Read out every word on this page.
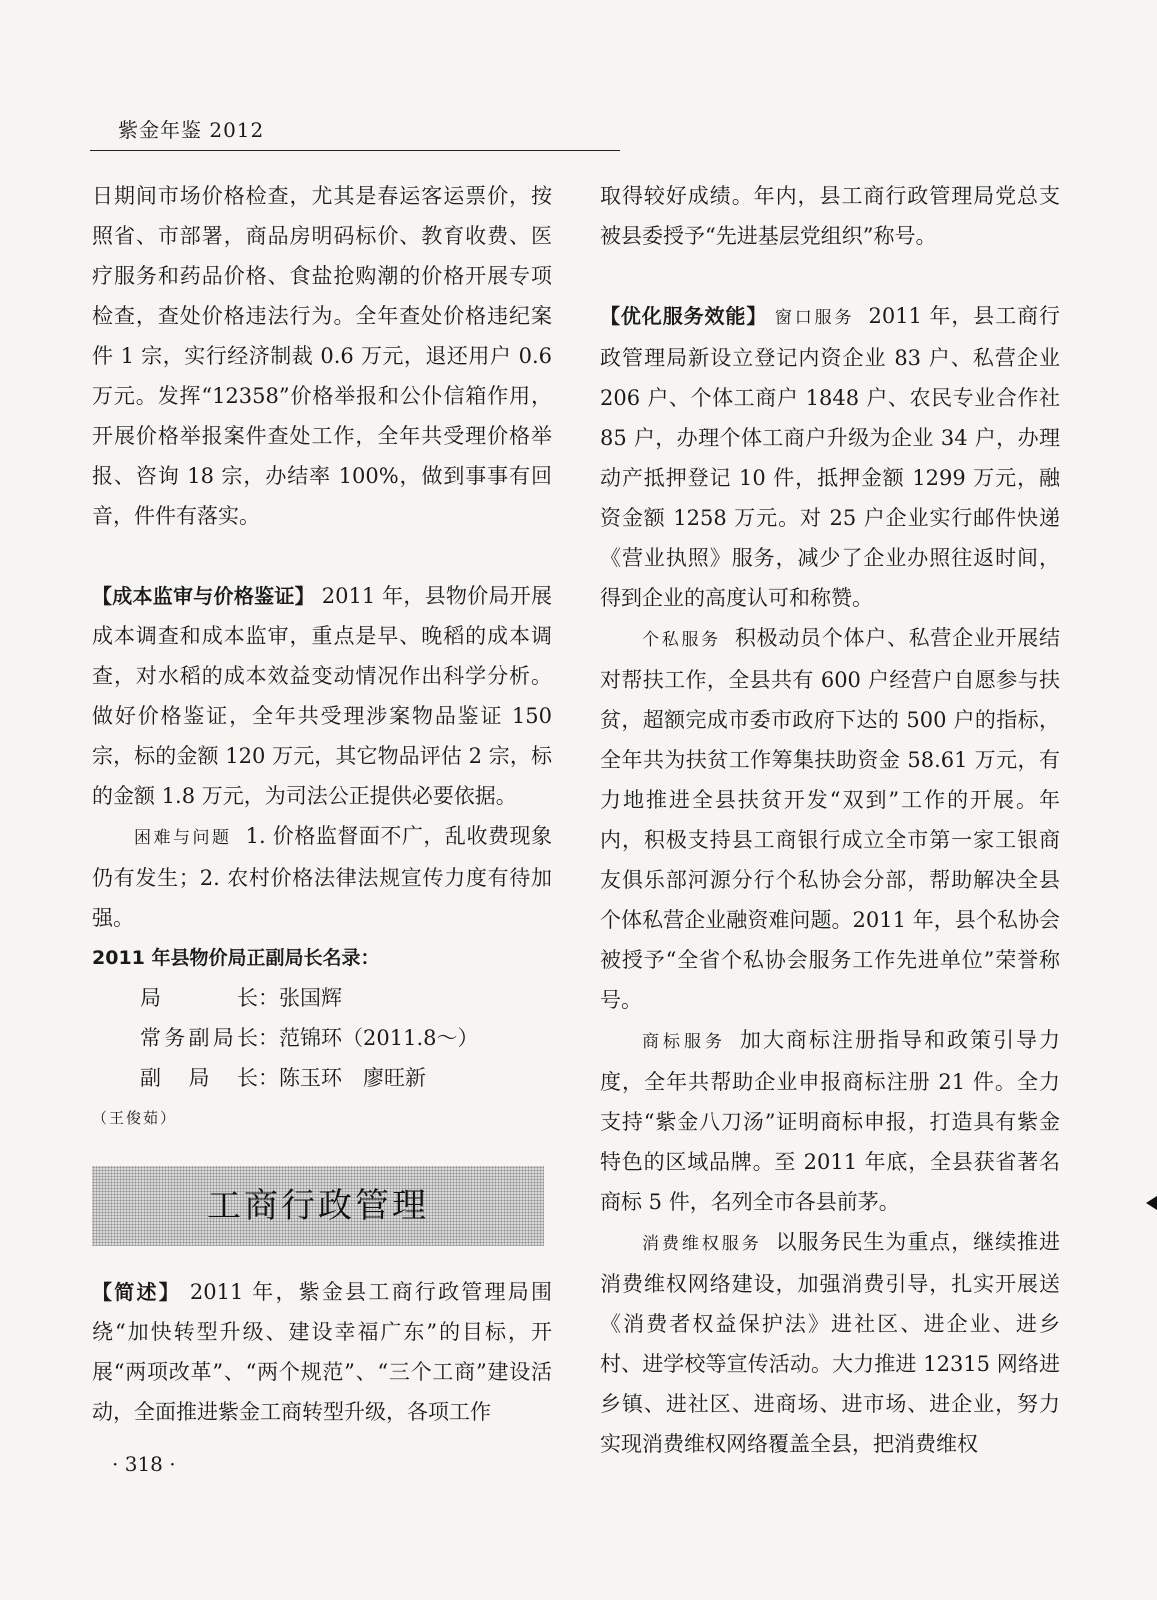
紫金年鉴 2012

日期间市场价格检查，尤其是春运客运票价，按照省、市部署，商品房明码标价、教育收费、医疗服务和药品价格、食盐抢购潮的价格开展专项检查，查处价格违法行为。全年查处价格违纪案件 1 宗，实行经济制裁 0.6 万元，退还用户 0.6 万元。发挥“12358”价格举报和公仆信箱作用，开展价格举报案件查处工作，全年共受理价格举报、咨询 18 宗，办结率 100%，做到事事有回音，件件有落实。

【成本监审与价格鉴证】 2011 年，县物价局开展成本调查和成本监审，重点是早、晚稻的成本调查，对水稻的成本效益变动情况作出科学分析。做好价格鉴证，全年共受理涉案物品鉴证 150 宗，标的金额 120 万元，其它物品评估 2 宗，标的金额 1.8 万元，为司法公正提供必要依据。

困难与问题 1. 价格监督面不广，乱收费现象仍有发生；2. 农村价格法律法规宣传力度有待加强。

2011 年县物价局正副局长名录：

局长：张国辉
常务副局长：范锦环（2011.8～）
副局长：陈玉环　廖旺新

（王俊茹）

工商行政管理

【简述】 2011 年，紫金县工商行政管理局围绕“加快转型升级、建设幸福广东”的目标，开展“两项改革”、“两个规范”、“三个工商”建设活动，全面推进紫金工商转型升级，各项工作

取得较好成绩。年内，县工商行政管理局党总支被县委授予“先进基层党组织”称号。

【优化服务效能】 窗口服务 2011 年，县工商行政管理局新设立登记内资企业 83 户、私营企业 206 户、个体工商户 1848 户、农民专业合作社 85 户，办理个体工商户升级为企业 34 户，办理动产抵押登记 10 件，抵押金额 1299 万元，融资金额 1258 万元。对 25 户企业实行邮件快递《营业执照》服务，减少了企业办照往返时间，得到企业的高度认可和称赞。

个私服务 积极动员个体户、私营企业开展结对帮扶工作，全县共有 600 户经营户自愿参与扶贫，超额完成市委市政府下达的 500 户的指标，全年共为扶贫工作筹集扶助资金 58.61 万元，有力地推进全县扶贫开发“双到”工作的开展。年内，积极支持县工商银行成立全市第一家工银商友俱乐部河源分行个私协会分部，帮助解决全县个体私营企业融资难问题。2011 年，县个私协会被授予“全省个私协会服务工作先进单位”荣誉称号。

商标服务 加大商标注册指导和政策引导力度，全年共帮助企业申报商标注册 21 件。全力支持“紫金八刀汤”证明商标申报，打造具有紫金特色的区域品牌。至 2011 年底，全县获省著名商标 5 件，名列全市各县前茅。

消费维权服务 以服务民生为重点，继续推进消费维权网络建设，加强消费引导，扎实开展送《消费者权益保护法》进社区、进企业、进乡村、进学校等宣传活动。大力推进 12315 网络进乡镇、进社区、进商场、进市场、进企业，努力实现消费维权网络覆盖全县，把消费维权

· 318 ·
